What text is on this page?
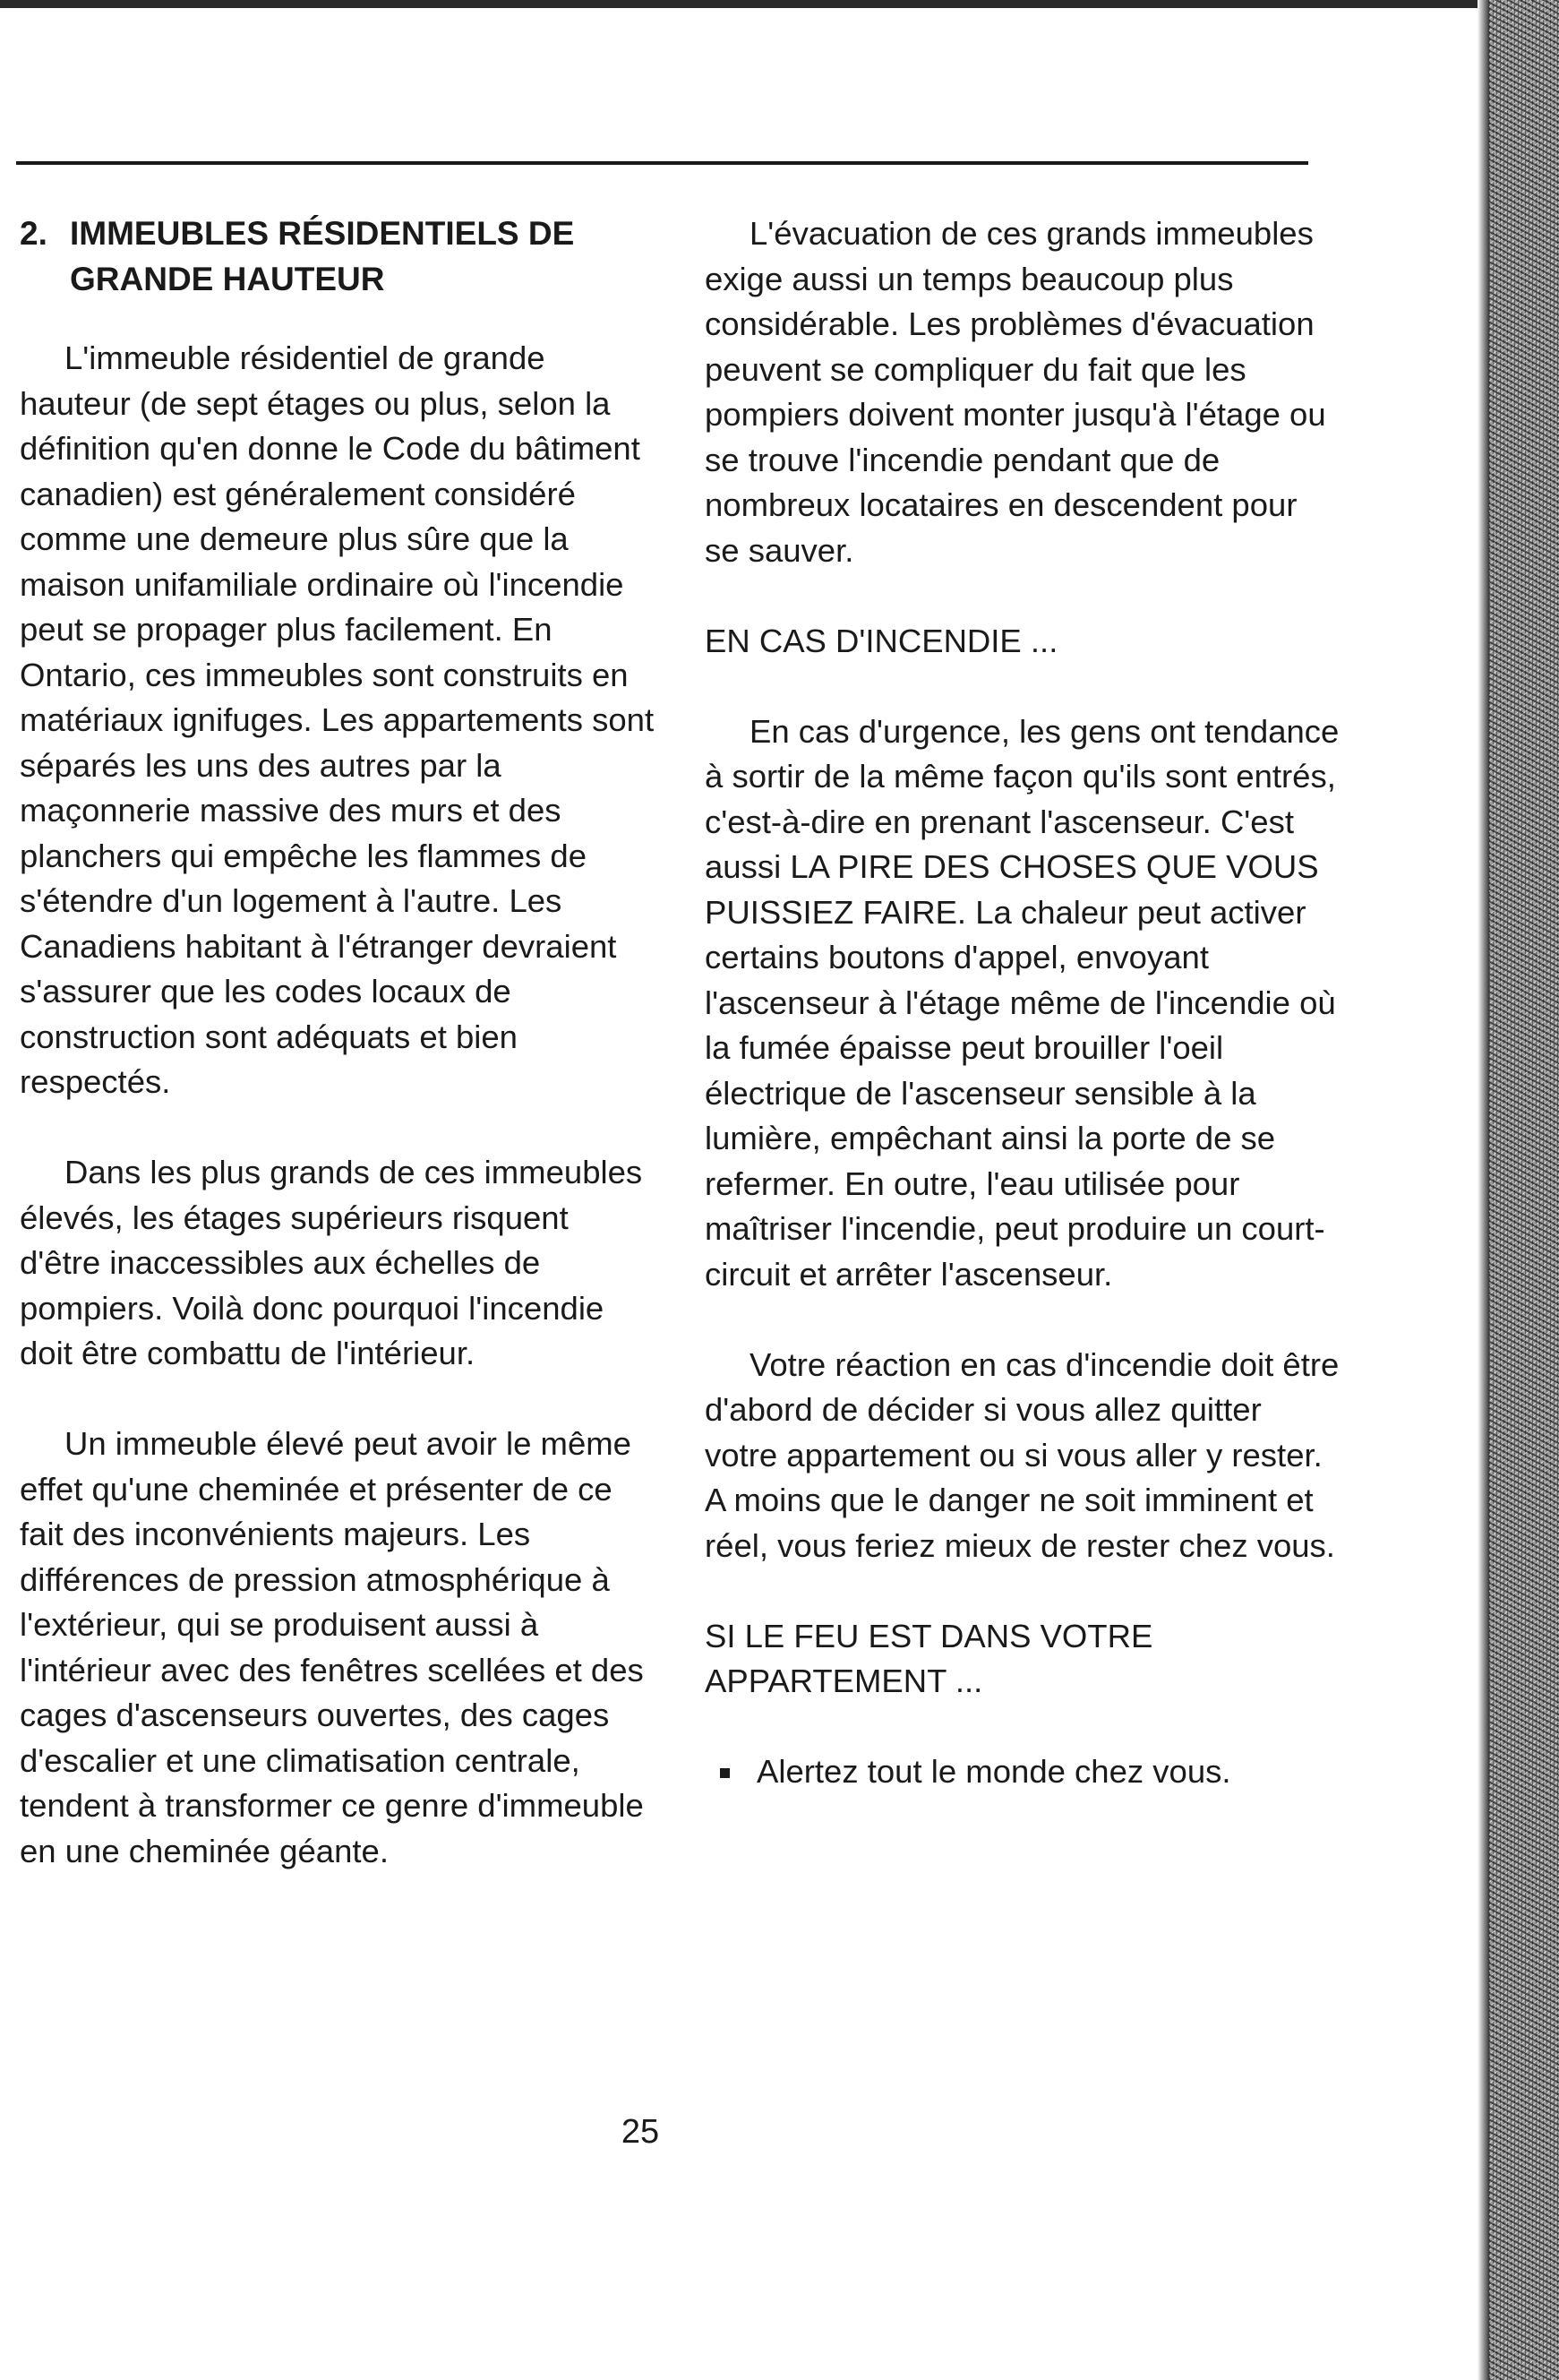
2. IMMEUBLES RÉSIDENTIELS DE GRANDE HAUTEUR

L'immeuble résidentiel de grande hauteur (de sept étages ou plus, selon la définition qu'en donne le Code du bâtiment canadien) est généralement considéré comme une demeure plus sûre que la maison unifamiliale ordinaire où l'incendie peut se propager plus facilement. En Ontario, ces immeubles sont construits en matériaux ignifuges. Les appartements sont séparés les uns des autres par la maçonnerie massive des murs et des planchers qui empêche les flammes de s'étendre d'un logement à l'autre. Les Canadiens habitant à l'étranger devraient s'assurer que les codes locaux de construction sont adéquats et bien respectés.

Dans les plus grands de ces immeubles élevés, les étages supérieurs risquent d'être inaccessibles aux échelles de pompiers. Voilà donc pourquoi l'incendie doit être combattu de l'intérieur.

Un immeuble élevé peut avoir le même effet qu'une cheminée et présenter de ce fait des inconvénients majeurs. Les différences de pression atmosphérique à l'extérieur, qui se produisent aussi à l'intérieur avec des fenêtres scellées et des cages d'ascenseurs ouvertes, des cages d'escalier et une climatisation centrale, tendent à transformer ce genre d'immeuble en une cheminée géante.

L'évacuation de ces grands immeubles exige aussi un temps beaucoup plus considérable. Les problèmes d'évacuation peuvent se compliquer du fait que les pompiers doivent monter jusqu'à l'étage ou se trouve l'incendie pendant que de nombreux locataires en descendent pour se sauver.

EN CAS D'INCENDIE ...

En cas d'urgence, les gens ont tendance à sortir de la même façon qu'ils sont entrés, c'est-à-dire en prenant l'ascenseur. C'est aussi LA PIRE DES CHOSES QUE VOUS PUISSIEZ FAIRE. La chaleur peut activer certains boutons d'appel, envoyant l'ascenseur à l'étage même de l'incendie où la fumée épaisse peut brouiller l'oeil électrique de l'ascenseur sensible à la lumière, empêchant ainsi la porte de se refermer. En outre, l'eau utilisée pour maîtriser l'incendie, peut produire un court-circuit et arrêter l'ascenseur.

Votre réaction en cas d'incendie doit être d'abord de décider si vous allez quitter votre appartement ou si vous aller y rester. A moins que le danger ne soit imminent et réel, vous feriez mieux de rester chez vous.

SI LE FEU EST DANS VOTRE APPARTEMENT ...

Alertez tout le monde chez vous.
25
